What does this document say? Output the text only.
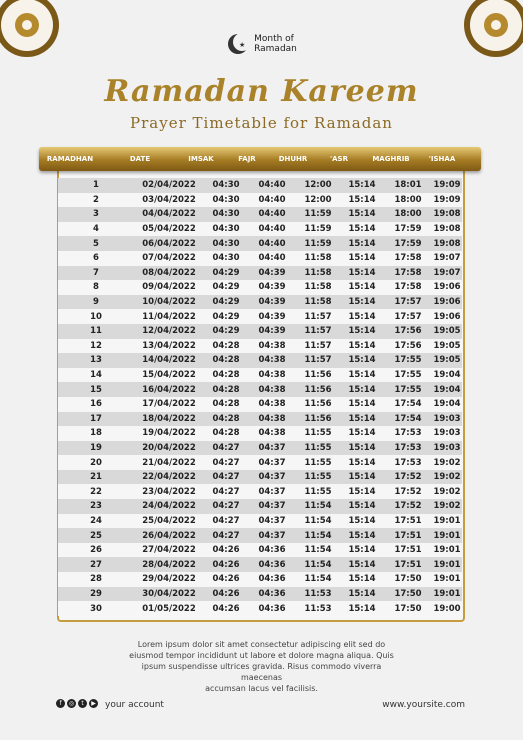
★
Month of
Ramadan
Ramadan Kareem
Prayer Timetable for Ramadan
RAMADHAN	DATE	IMSAK	FAJR	DHUHR	'ASR	MAGHRIB	'ISHAA
1	02/04/2022	04:30	04:40	12:00	15:14	18:01	19:09
2	03/04/2022	04:30	04:40	12:00	15:14	18:00	19:09
3	04/04/2022	04:30	04:40	11:59	15:14	18:00	19:08
4	05/04/2022	04:30	04:40	11:59	15:14	17:59	19:08
5	06/04/2022	04:30	04:40	11:59	15:14	17:59	19:08
6	07/04/2022	04:30	04:40	11:58	15:14	17:58	19:07
7	08/04/2022	04:29	04:39	11:58	15:14	17:58	19:07
8	09/04/2022	04:29	04:39	11:58	15:14	17:58	19:06
9	10/04/2022	04:29	04:39	11:58	15:14	17:57	19:06
10	11/04/2022	04:29	04:39	11:57	15:14	17:57	19:06
11	12/04/2022	04:29	04:39	11:57	15:14	17:56	19:05
12	13/04/2022	04:28	04:38	11:57	15:14	17:56	19:05
13	14/04/2022	04:28	04:38	11:57	15:14	17:55	19:05
14	15/04/2022	04:28	04:38	11:56	15:14	17:55	19:04
15	16/04/2022	04:28	04:38	11:56	15:14	17:55	19:04
16	17/04/2022	04:28	04:38	11:56	15:14	17:54	19:04
17	18/04/2022	04:28	04:38	11:56	15:14	17:54	19:03
18	19/04/2022	04:28	04:38	11:55	15:14	17:53	19:03
19	20/04/2022	04:27	04:37	11:55	15:14	17:53	19:03
20	21/04/2022	04:27	04:37	11:55	15:14	17:53	19:02
21	22/04/2022	04:27	04:37	11:55	15:14	17:52	19:02
22	23/04/2022	04:27	04:37	11:55	15:14	17:52	19:02
23	24/04/2022	04:27	04:37	11:54	15:14	17:52	19:02
24	25/04/2022	04:27	04:37	11:54	15:14	17:51	19:01
25	26/04/2022	04:27	04:37	11:54	15:14	17:51	19:01
26	27/04/2022	04:26	04:36	11:54	15:14	17:51	19:01
27	28/04/2022	04:26	04:36	11:54	15:14	17:51	19:01
28	29/04/2022	04:26	04:36	11:54	15:14	17:50	19:01
29	30/04/2022	04:26	04:36	11:53	15:14	17:50	19:01
30	01/05/2022	04:26	04:36	11:53	15:14	17:50	19:00
Lorem ipsum dolor sit amet consectetur adipiscing elit sed do
eiusmod tempor incididunt ut labore et dolore magna aliqua. Quis
ipsum suspendisse ultrices gravida. Risus commodo viverra maecenas
accumsan lacus vel facilisis.
f	◎	t	▶ your account	www.yoursite.com
